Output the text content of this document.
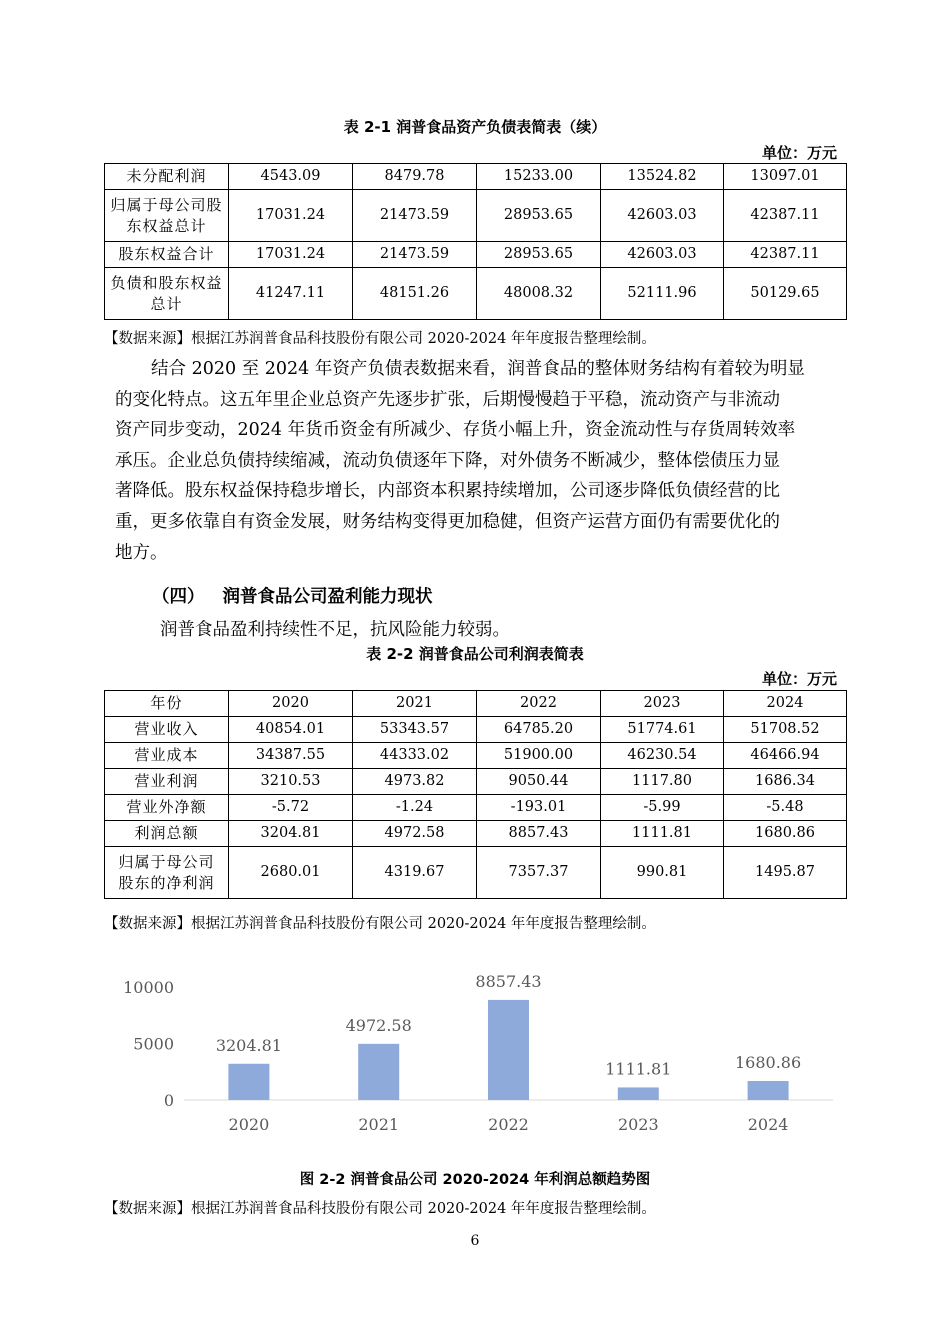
表 2-1 润普食品资产负债表简表（续）
单位：万元
未分配利润	4543.09	8479.78	15233.00	13524.82	13097.01

归属于母公司股
东权益总计	17031.24	21473.59	28953.65	42603.03	42387.11
股东权益合计	17031.24	21473.59	28953.65	42603.03	42387.11

负债和股东权益
总计	41247.11	48151.26	48008.32	52111.96	50129.65
【数据来源】根据江苏润普食品科技股份有限公司 2020-2024 年年度报告整理绘制。
结合 2020 至 2024 年资产负债表数据来看，润普食品的整体财务结构有着较为明显
的变化特点。这五年里企业总资产先逐步扩张，后期慢慢趋于平稳，流动资产与非流动
资产同步变动，2024 年货币资金有所减少、存货小幅上升，资金流动性与存货周转效率
承压。企业总负债持续缩减，流动负债逐年下降，对外债务不断减少，整体偿债压力显
著降低。股东权益保持稳步增长，内部资本积累持续增加，公司逐步降低负债经营的比
重，更多依靠自有资金发展，财务结构变得更加稳健，但资产运营方面仍有需要优化的
地方。
（四） 润普食品公司盈利能力现状
润普食品盈利持续性不足，抗风险能力较弱。
表 2-2 润普食品公司利润表简表
单位：万元
年份	2020	2021	2022	2023	2024
营业收入	40854.01	53343.57	64785.20	51774.61	51708.52
营业成本	34387.55	44333.02	51900.00	46230.54	46466.94
营业利润	3210.53	4973.82	9050.44	1117.80	1686.34
营业外净额	-5.72	-1.24	-193.01	-5.99	-5.48
利润总额	3204.81	4972.58	8857.43	1111.81	1680.86

归属于母公司
股东的净利润	2680.01	4319.67	7357.37	990.81	1495.87
【数据来源】根据江苏润普食品科技股份有限公司 2020-2024 年年度报告整理绘制。
0
5000
10000
3204.81
2020
4972.58
2021
8857.43
2022
1111.81
2023
1680.86
2024
图 2-2 润普食品公司 2020-2024 年利润总额趋势图
【数据来源】根据江苏润普食品科技股份有限公司 2020-2024 年年度报告整理绘制。
6
